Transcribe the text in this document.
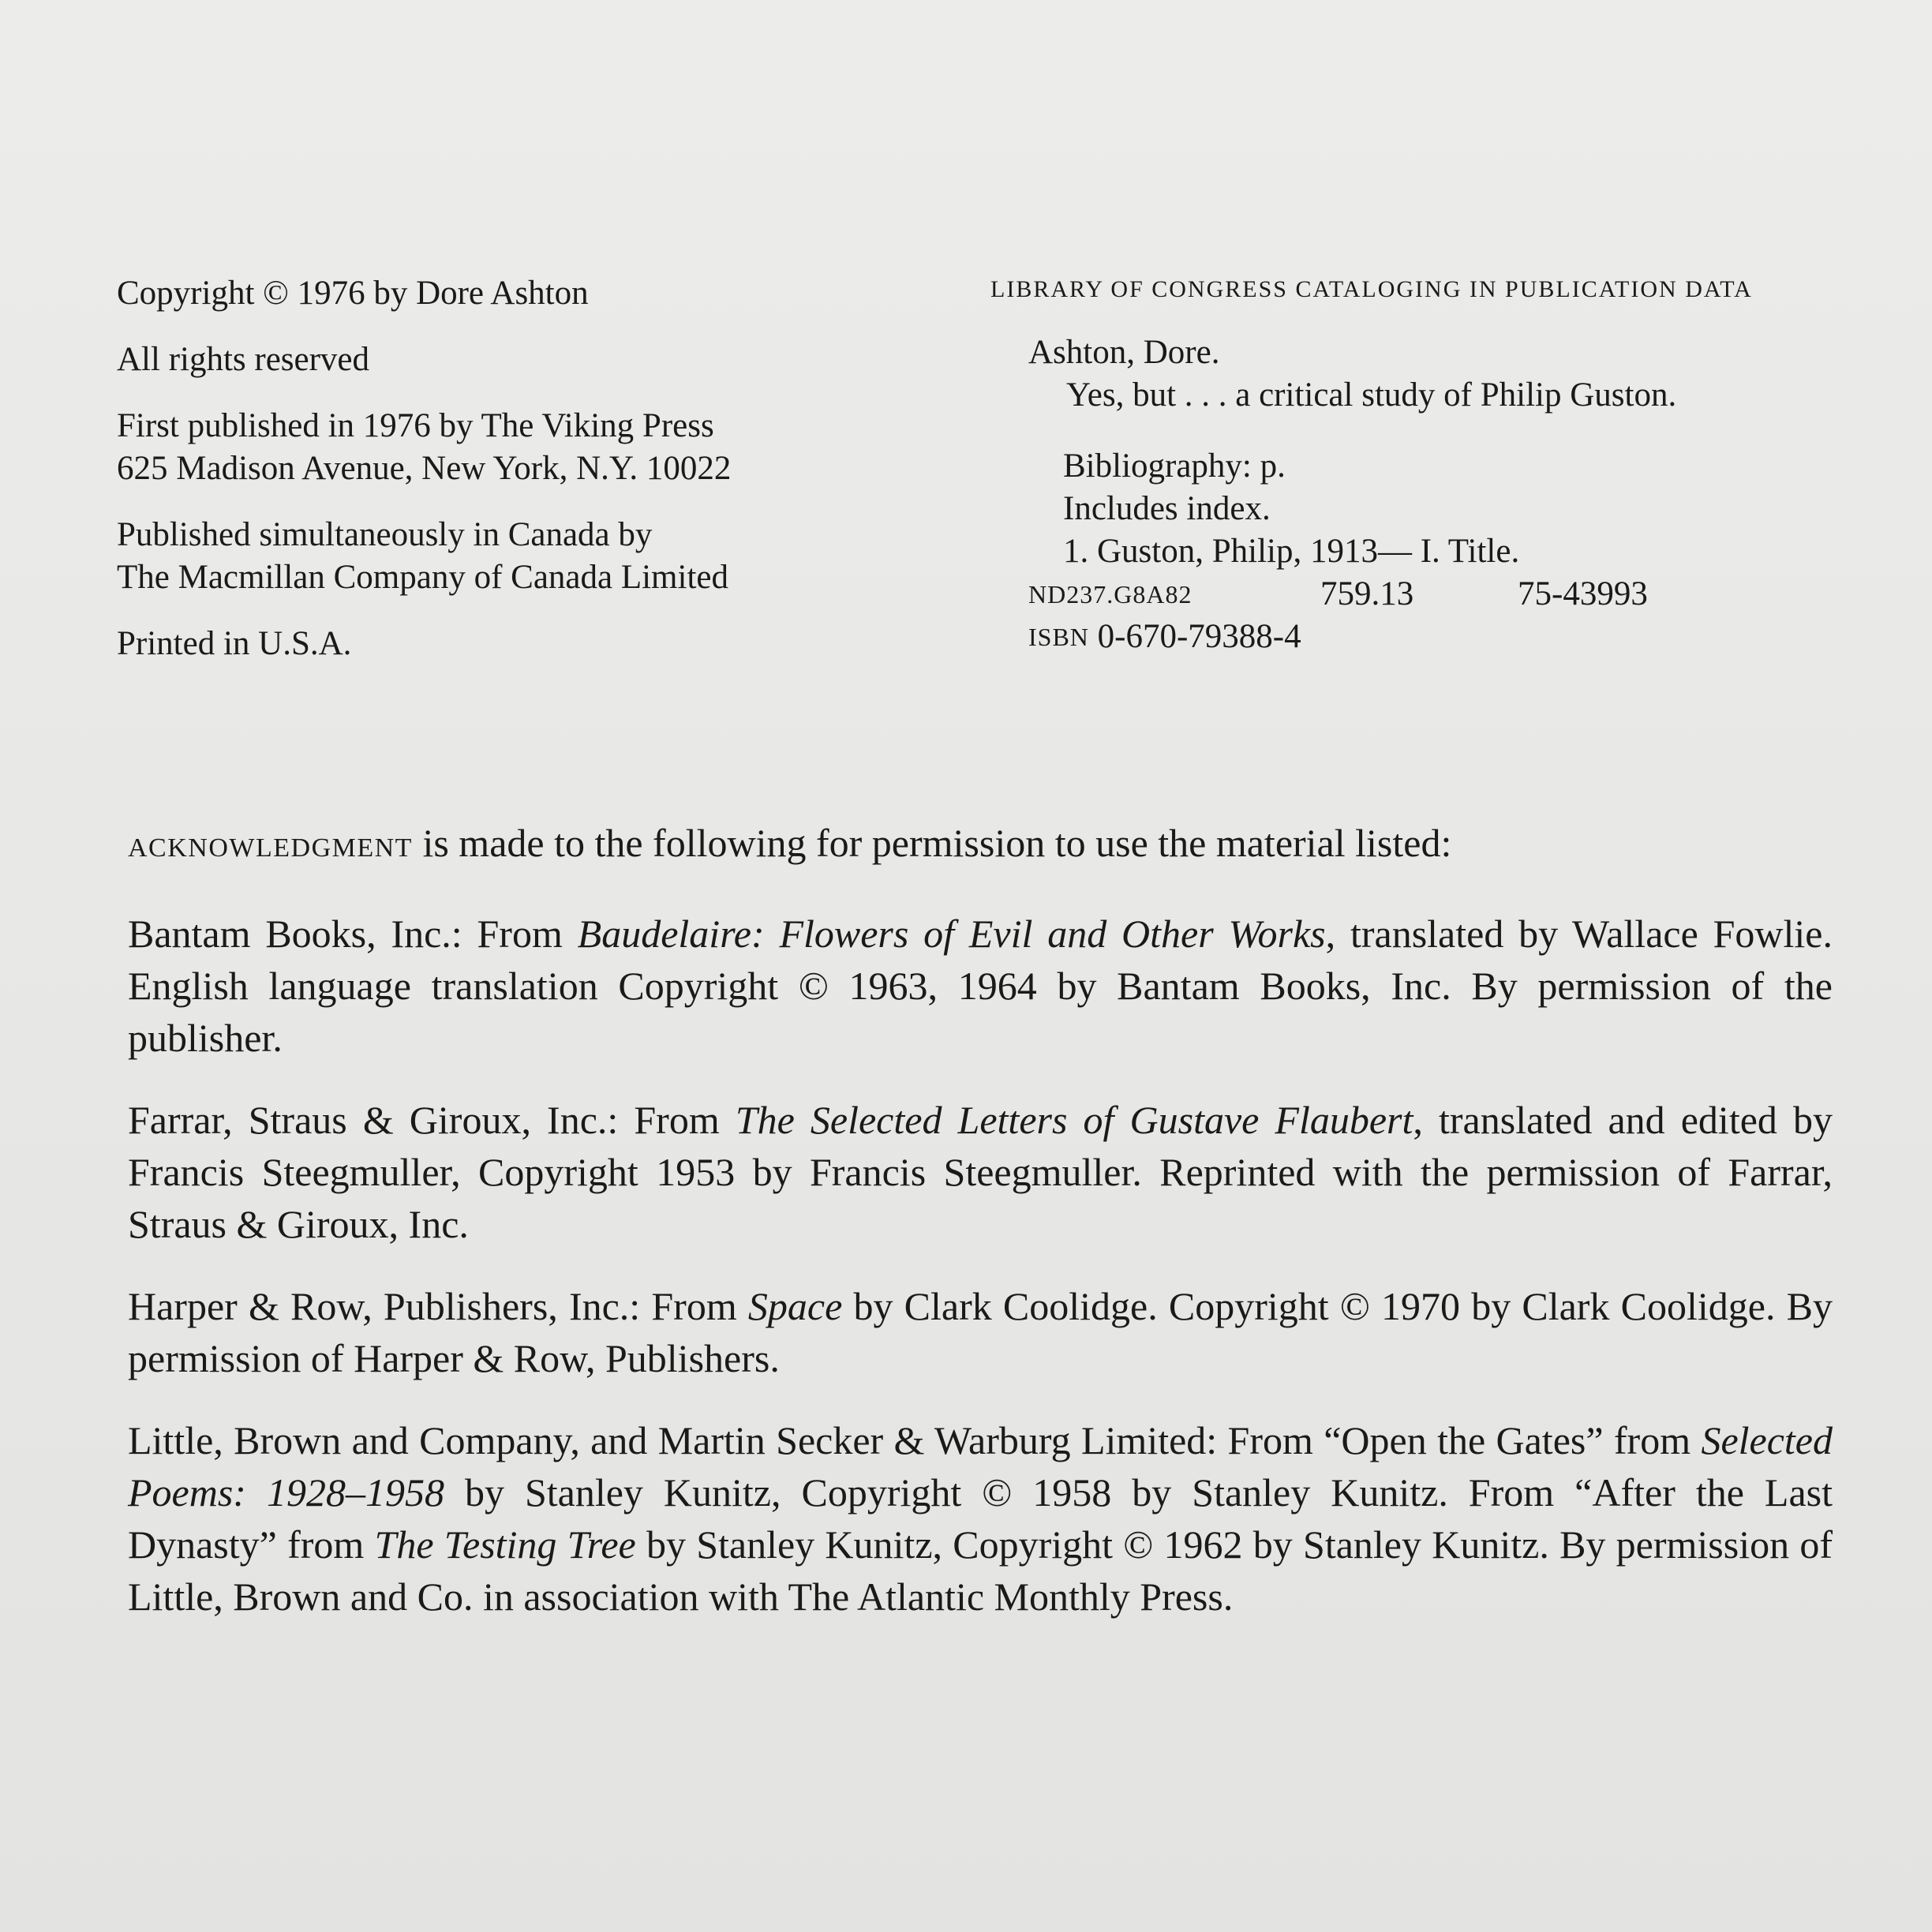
Copyright © 1976 by Dore Ashton

All rights reserved

First published in 1976 by The Viking Press
625 Madison Avenue, New York, N.Y. 10022

Published simultaneously in Canada by
The Macmillan Company of Canada Limited

Printed in U.S.A.

LIBRARY OF CONGRESS CATALOGING IN PUBLICATION DATA
Ashton, Dore.
Yes, but . . . a critical study of Philip Guston.
Bibliography: p.
Includes index.
1. Guston, Philip, 1913— I. Title.
ND237.G8A82	759.13	75-43993
ISBN
0-670-79388-4

ACKNOWLEDGMENT is made to the following for permission to use the material listed:

Bantam Books, Inc.: From Baudelaire: Flowers of Evil and Other Works, translated by Wallace Fowlie. English language translation Copyright © 1963, 1964 by Bantam Books, Inc. By permission of the publisher.

Farrar, Straus & Giroux, Inc.: From The Selected Letters of Gustave Flaubert, translated and edited by Francis Steegmuller, Copyright 1953 by Francis Steegmuller. Reprinted with the permission of Farrar, Straus & Giroux, Inc.

Harper & Row, Publishers, Inc.: From Space by Clark Coolidge. Copyright © 1970 by Clark Coolidge. By permission of Harper & Row, Publishers.

Little, Brown and Company, and Martin Secker & Warburg Limited: From “Open the Gates” from Selected Poems: 1928–1958 by Stanley Kunitz, Copyright © 1958 by Stanley Kunitz. From “After the Last Dynasty” from The Testing Tree by Stanley Kunitz, Copyright © 1962 by Stanley Kunitz. By permission of Little, Brown and Co. in association with The Atlantic Monthly Press.
